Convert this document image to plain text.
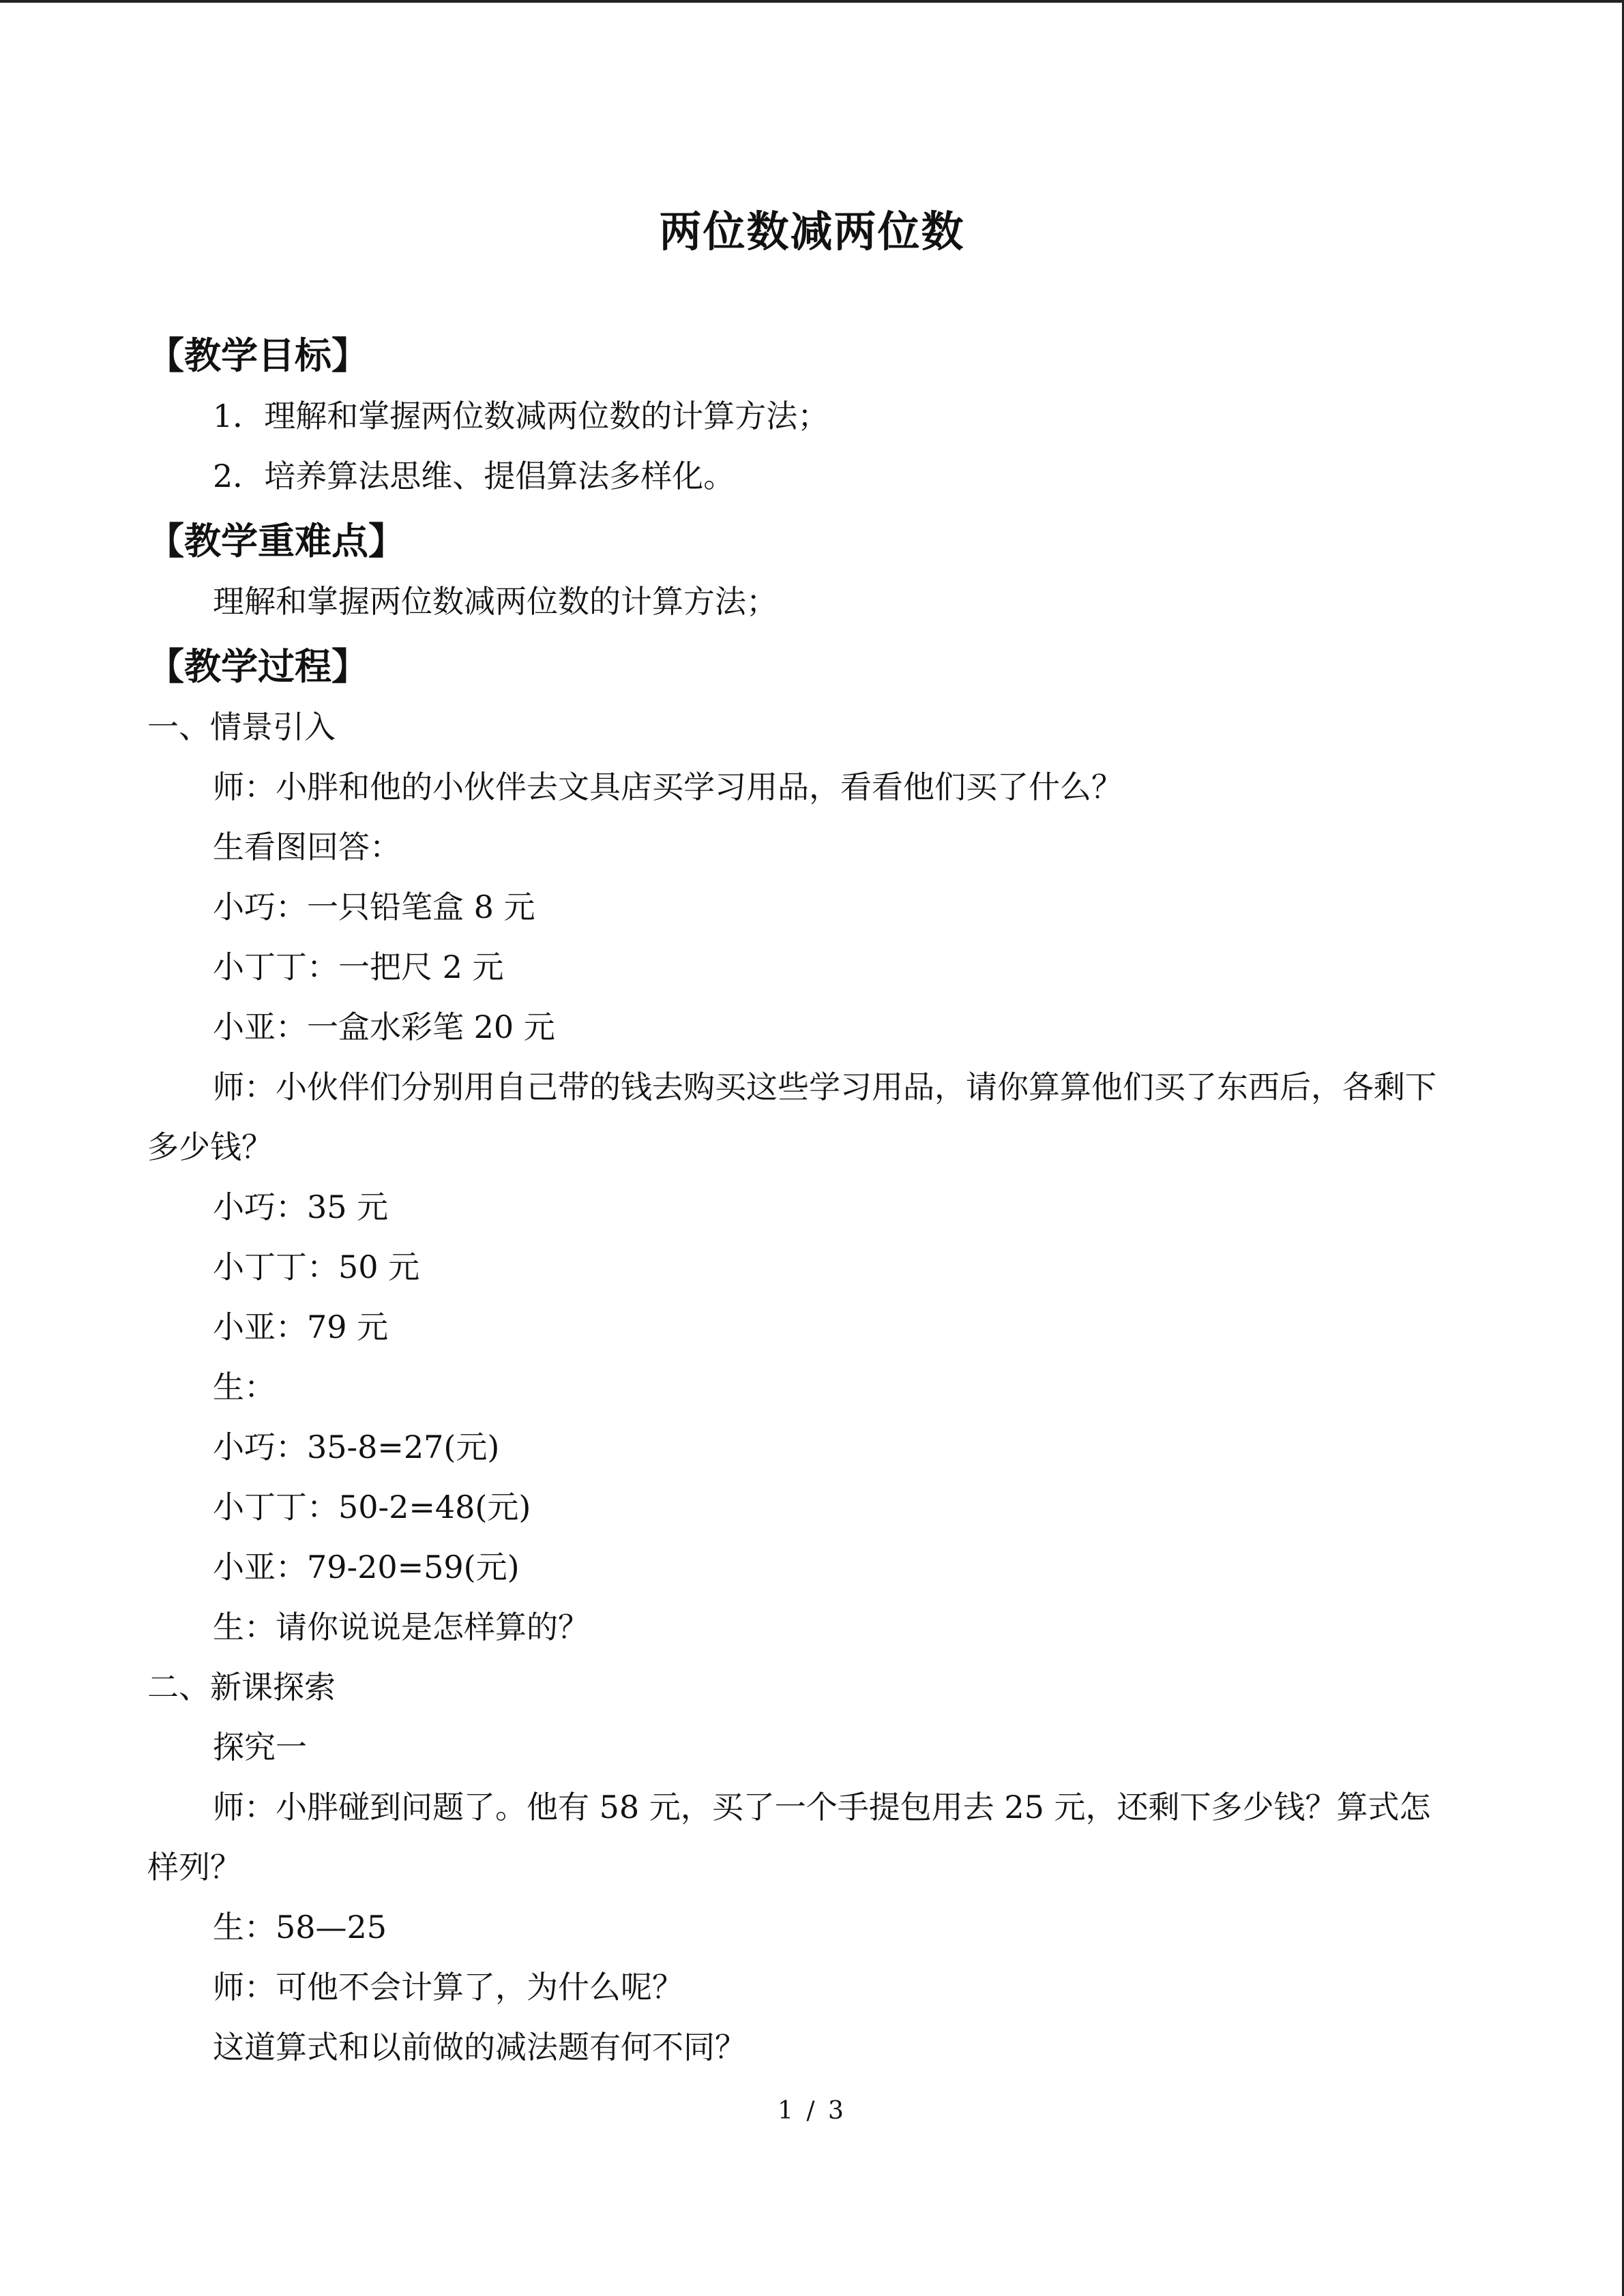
两位数减两位数
【教学目标】
1．理解和掌握两位数减两位数的计算方法；
2．培养算法思维、提倡算法多样化。
【教学重难点】
理解和掌握两位数减两位数的计算方法；
【教学过程】
一、情景引入
师：小胖和他的小伙伴去文具店买学习用品，看看他们买了什么？
生看图回答：
小巧：一只铅笔盒 8 元
小丁丁：一把尺 2 元
小亚：一盒水彩笔 20 元
师：小伙伴们分别用自己带的钱去购买这些学习用品，请你算算他们买了东西后，各剩下多少钱？
小巧：35 元
小丁丁：50 元
小亚：79 元
生：
小巧：35-8=27(元)
小丁丁：50-2=48(元)
小亚：79-20=59(元)
生：请你说说是怎样算的？
二、新课探索
探究一
师：小胖碰到问题了。他有 58 元，买了一个手提包用去 25 元，还剩下多少钱？算式怎样列？
生：58—25
师：可他不会计算了，为什么呢？
这道算式和以前做的减法题有何不同？
1 / 3
